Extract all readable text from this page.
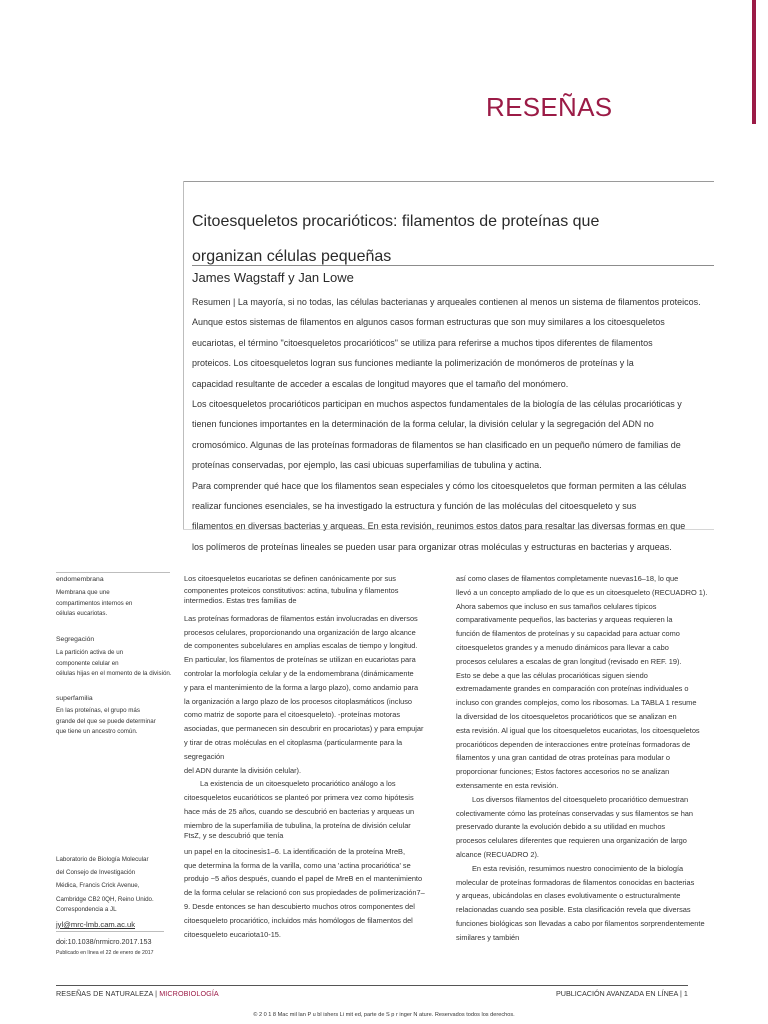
RESEÑAS
Citoesqueletos procarióticos: filamentos de proteínas que
organizan células pequeñas
James Wagstaff y Jan Lowe

Resumen | La mayoría, si no todas, las células bacterianas y arqueales contienen al menos un sistema de filamentos proteicos.

Aunque estos sistemas de filamentos en algunos casos forman estructuras que son muy similares a los citoesqueletos

eucariotas, el término "citoesqueletos procarióticos" se utiliza para referirse a muchos tipos diferentes de filamentos

proteicos. Los citoesqueletos logran sus funciones mediante la polimerización de monómeros de proteínas y la

capacidad resultante de acceder a escalas de longitud mayores que el tamaño del monómero.

Los citoesqueletos procarióticos participan en muchos aspectos fundamentales de la biología de las células procarióticas y

tienen funciones importantes en la determinación de la forma celular, la división celular y la segregación del ADN no

cromosómico. Algunas de las proteínas formadoras de filamentos se han clasificado en un pequeño número de familias de

proteínas conservadas, por ejemplo, las casi ubicuas superfamilias de tubulina y actina.

Para comprender qué hace que los filamentos sean especiales y cómo los citoesqueletos que forman permiten a las células

realizar funciones esenciales, se ha investigado la estructura y función de las moléculas del citoesqueleto y sus

filamentos en diversas bacterias y arqueas. En esta revisión, reunimos estos datos para resaltar las diversas formas en que

los polímeros de proteínas lineales se pueden usar para organizar otras moléculas y estructuras en bacterias y arqueas.

endomembrana
Membrana que une
compartimentos internos en
células eucariotas.
Segregación
La partición activa de un
componente celular en
células hijas en el momento de la división.
superfamilia
En las proteínas, el grupo más
grande del que se puede determinar
que tiene un ancestro común.
Laboratorio de Biología Molecular
del Consejo de Investigación
Médica, Francis Crick Avenue,
Cambridge CB2 0QH, Reino Unido.
Correspondencia a JL
jyl@mrc-lmb.cam.ac.uk
doi:10.1038/nrmicro.2017.153
Publicado en línea el 22 de enero de 2017
Los citoesqueletos eucariotas se definen canónicamente por sus
componentes proteicos constitutivos: actina, tubulina y filamentos
intermedios. Estas tres familias de
Las proteínas formadoras de filamentos están involucradas en diversos
procesos celulares, proporcionando una organización de largo alcance
de componentes subcelulares en amplias escalas de tiempo y longitud.
En particular, los filamentos de proteínas se utilizan en eucariotas para
controlar la morfología celular y de la endomembrana (dinámicamente
y para el mantenimiento de la forma a largo plazo), como andamio para
la organización a largo plazo de los procesos citoplasmáticos (incluso
como matriz de soporte para el citoesqueleto). -proteínas motoras
asociadas, que permanecen sin descubrir en procariotas) y para empujar
y tirar de otras moléculas en el citoplasma (particularmente para la
segregación
del ADN durante la división celular).
La existencia de un citoesqueleto procariótico análogo a los
citoesqueletos eucarióticos se planteó por primera vez como hipótesis
hace más de 25 años, cuando se descubrió en bacterias y arqueas un
miembro de la superfamilia de tubulina, la proteína de división celular
FtsZ, y se descubrió que tenía
un papel en la citocinesis1–6. La identificación de la proteína MreB,
que determina la forma de la varilla, como una 'actina procariótica' se
produjo ~5 años después, cuando el papel de MreB en el mantenimiento
de la forma celular se relacionó con sus propiedades de polimerización7–
9. Desde entonces se han descubierto muchos otros componentes del
citoesqueleto procariótico, incluidos más homólogos de filamentos del
citoesqueleto eucariota10-15.
así como clases de filamentos completamente nuevas16–18, lo que
llevó a un concepto ampliado de lo que es un citoesqueleto (RECUADRO 1).
Ahora sabemos que incluso en sus tamaños celulares típicos
comparativamente pequeños, las bacterias y arqueas requieren la
función de filamentos de proteínas y su capacidad para actuar como
citoesqueletos grandes y a menudo dinámicos para llevar a cabo
procesos celulares a escalas de gran longitud (revisado en REF. 19).
Esto se debe a que las células procarióticas siguen siendo
extremadamente grandes en comparación con proteínas individuales o
incluso con grandes complejos, como los ribosomas. La TABLA 1 resume
la diversidad de los citoesqueletos procarióticos que se analizan en
esta revisión. Al igual que los citoesqueletos eucariotas, los citoesqueletos
procarióticos dependen de interacciones entre proteínas formadoras de
filamentos y una gran cantidad de otras proteínas para modular o
proporcionar funciones; Estos factores accesorios no se analizan
extensamente en esta revisión.
Los diversos filamentos del citoesqueleto procariótico demuestran
colectivamente cómo las proteínas conservadas y sus filamentos se han
preservado durante la evolución debido a su utilidad en muchos
procesos celulares diferentes que requieren una organización de largo
alcance (RECUADRO 2).
En esta revisión, resumimos nuestro conocimiento de la biología
molecular de proteínas formadoras de filamentos conocidas en bacterias
y arqueas, ubicándolas en clases evolutivamente o estructuralmente
relacionadas cuando sea posible. Esta clasificación revela que diversas
funciones biológicas son llevadas a cabo por filamentos sorprendentemente
similares y también
RESEÑAS DE NATURALEZA | MICROBIOLOGÍA	PUBLICACIÓN AVANZADA EN LÍNEA | 1
© 2 0 1 8 Mac mil lan P u bl ishers Li mit ed, parte de S p r inger N ature. Reservados todos los derechos.
